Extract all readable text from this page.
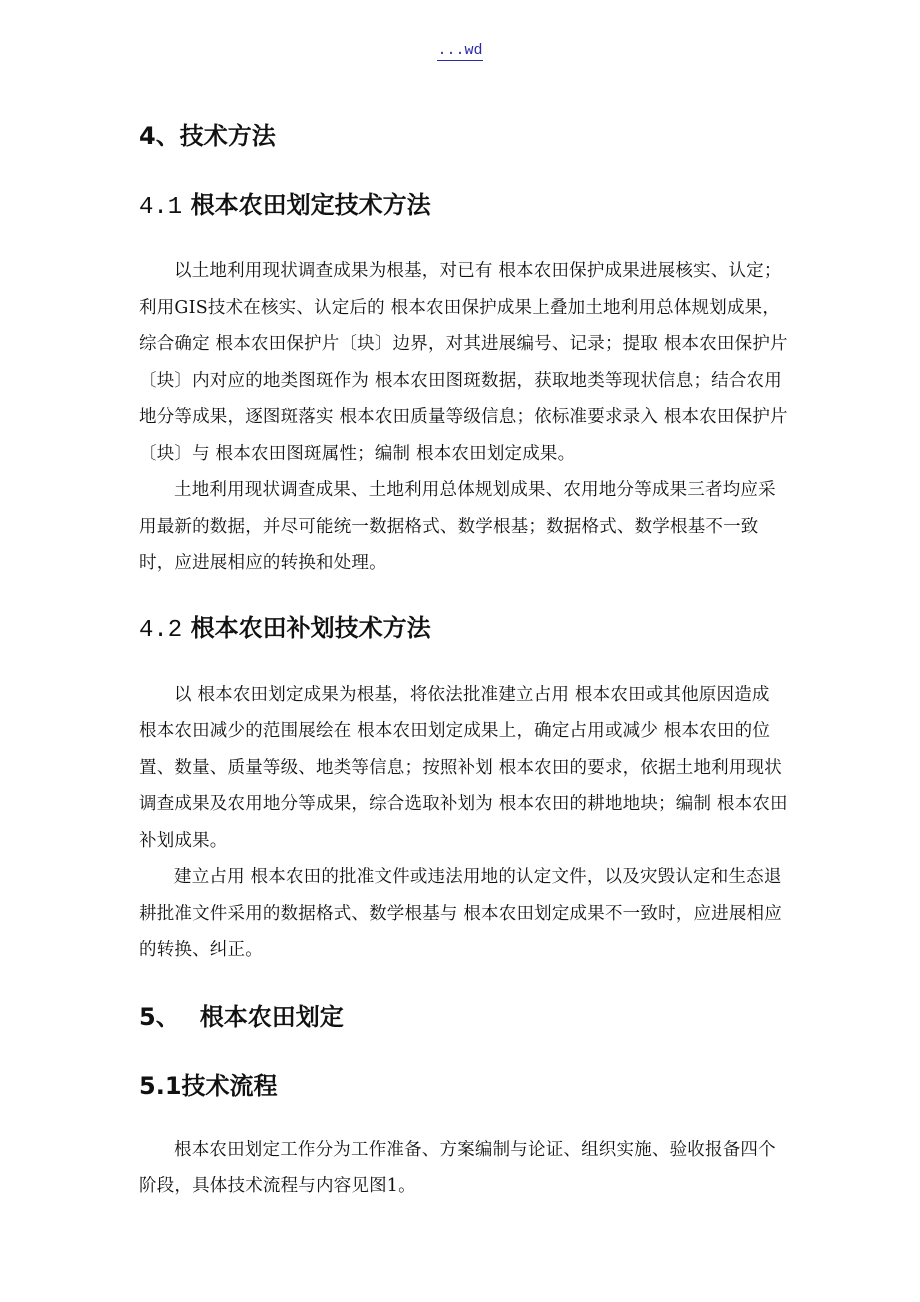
...wd
4、技术方法
4.1 根本农田划定技术方法

以土地利用现状调查成果为根基，对已有 根本农田保护成果进展核实、认定；利用GIS技术在核实、认定后的 根本农田保护成果上叠加土地利用总体规划成果，综合确定 根本农田保护片〔块〕边界，对其进展编号、记录；提取 根本农田保护片〔块〕内对应的地类图斑作为 根本农田图斑数据，获取地类等现状信息；结合农用地分等成果，逐图斑落实 根本农田质量等级信息；依标准要求录入 根本农田保护片〔块〕与 根本农田图斑属性；编制 根本农田划定成果。

土地利用现状调查成果、土地利用总体规划成果、农用地分等成果三者均应采用最新的数据，并尽可能统一数据格式、数学根基；数据格式、数学根基不一致时，应进展相应的转换和处理。

4.2 根本农田补划技术方法

以 根本农田划定成果为根基，将依法批准建立占用 根本农田或其他原因造成 根本农田减少的范围展绘在 根本农田划定成果上，确定占用或减少 根本农田的位置、数量、质量等级、地类等信息；按照补划 根本农田的要求，依据土地利用现状调查成果及农用地分等成果，综合选取补划为 根本农田的耕地地块；编制 根本农田补划成果。

建立占用 根本农田的批准文件或违法用地的认定文件，以及灾毁认定和生态退耕批准文件采用的数据格式、数学根基与 根本农田划定成果不一致时，应进展相应的转换、纠正。

5、 根本农田划定
5.1技术流程

根本农田划定工作分为工作准备、方案编制与论证、组织实施、验收报备四个阶段，具体技术流程与内容见图1。
